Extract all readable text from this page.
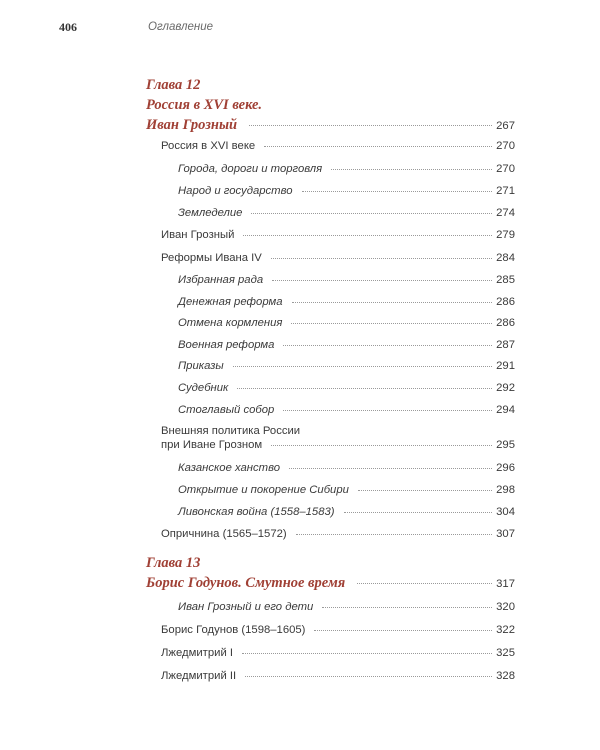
406	Оглавление
Глава 12
Россия в XVI веке.
Иван Грозный	267
Россия в XVI веке	270
Города, дороги и торговля	270
Народ и государство	271
Земледелие	274
Иван Грозный	279
Реформы Ивана IV	284
Избранная рада	285
Денежная реформа	286
Отмена кормления	286
Военная реформа	287
Приказы	291
Судебник	292
Стоглавый собор	294
Внешняя политика России
при Иване Грозном	295
Казанское ханство	296
Открытие и покорение Сибири	298
Ливонская война (1558–1583)	304
Опричнина (1565–1572)	307
Глава 13
Борис Годунов. Смутное время	317
Иван Грозный и его дети	320
Борис Годунов (1598–1605)	322
Лжедмитрий I	325
Лжедмитрий II	328
